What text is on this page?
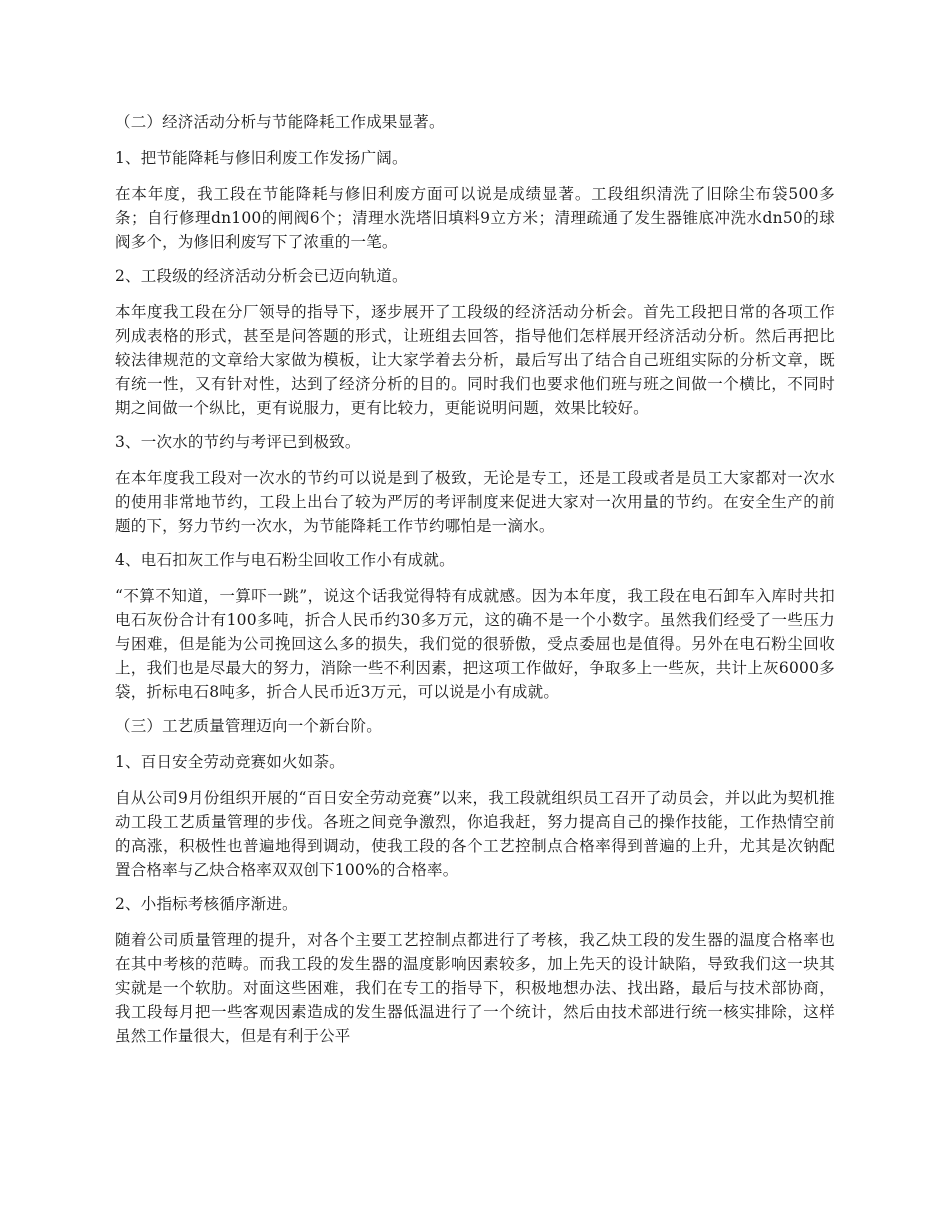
（二）经济活动分析与节能降耗工作成果显著。

1、把节能降耗与修旧利废工作发扬广阔。

在本年度，我工段在节能降耗与修旧利废方面可以说是成绩显著。工段组织清洗了旧除尘布袋500多条；自行修理dn100的闸阀6个；清理水洗塔旧填料9立方米；清理疏通了发生器锥底冲洗水dn50的球阀多个，为修旧利废写下了浓重的一笔。

2、工段级的经济活动分析会已迈向轨道。

本年度我工段在分厂领导的指导下，逐步展开了工段级的经济活动分析会。首先工段把日常的各项工作列成表格的形式，甚至是问答题的形式，让班组去回答，指导他们怎样展开经济活动分析。然后再把比较法律规范的文章给大家做为模板，让大家学着去分析，最后写出了结合自己班组实际的分析文章，既有统一性，又有针对性，达到了经济分析的目的。同时我们也要求他们班与班之间做一个横比，不同时期之间做一个纵比，更有说服力，更有比较力，更能说明问题，效果比较好。

3、一次水的节约与考评已到极致。

在本年度我工段对一次水的节约可以说是到了极致，无论是专工，还是工段或者是员工大家都对一次水的使用非常地节约，工段上出台了较为严厉的考评制度来促进大家对一次用量的节约。在安全生产的前题的下，努力节约一次水，为节能降耗工作节约哪怕是一滴水。

4、电石扣灰工作与电石粉尘回收工作小有成就。

“不算不知道，一算吓一跳”，说这个话我觉得特有成就感。因为本年度，我工段在电石卸车入库时共扣电石灰份合计有100多吨，折合人民币约30多万元，这的确不是一个小数字。虽然我们经受了一些压力与困难，但是能为公司挽回这么多的损失，我们觉的很骄傲，受点委屈也是值得。另外在电石粉尘回收上，我们也是尽最大的努力，消除一些不利因素，把这项工作做好，争取多上一些灰，共计上灰6000多袋，折标电石8吨多，折合人民币近3万元，可以说是小有成就。

（三）工艺质量管理迈向一个新台阶。

1、百日安全劳动竞赛如火如荼。

自从公司9月份组织开展的“百日安全劳动竞赛”以来，我工段就组织员工召开了动员会，并以此为契机推动工段工艺质量管理的步伐。各班之间竞争激烈，你追我赶，努力提高自己的操作技能，工作热情空前的高涨，积极性也普遍地得到调动，使我工段的各个工艺控制点合格率得到普遍的上升，尤其是次钠配置合格率与乙炔合格率双双创下100%的合格率。

2、小指标考核循序渐进。

随着公司质量管理的提升，对各个主要工艺控制点都进行了考核，我乙炔工段的发生器的温度合格率也在其中考核的范畴。而我工段的发生器的温度影响因素较多，加上先天的设计缺陷，导致我们这一块其实就是一个软肋。对面这些困难，我们在专工的指导下，积极地想办法、找出路，最后与技术部协商，我工段每月把一些客观因素造成的发生器低温进行了一个统计，然后由技术部进行统一核实排除，这样虽然工作量很大，但是有利于公平
